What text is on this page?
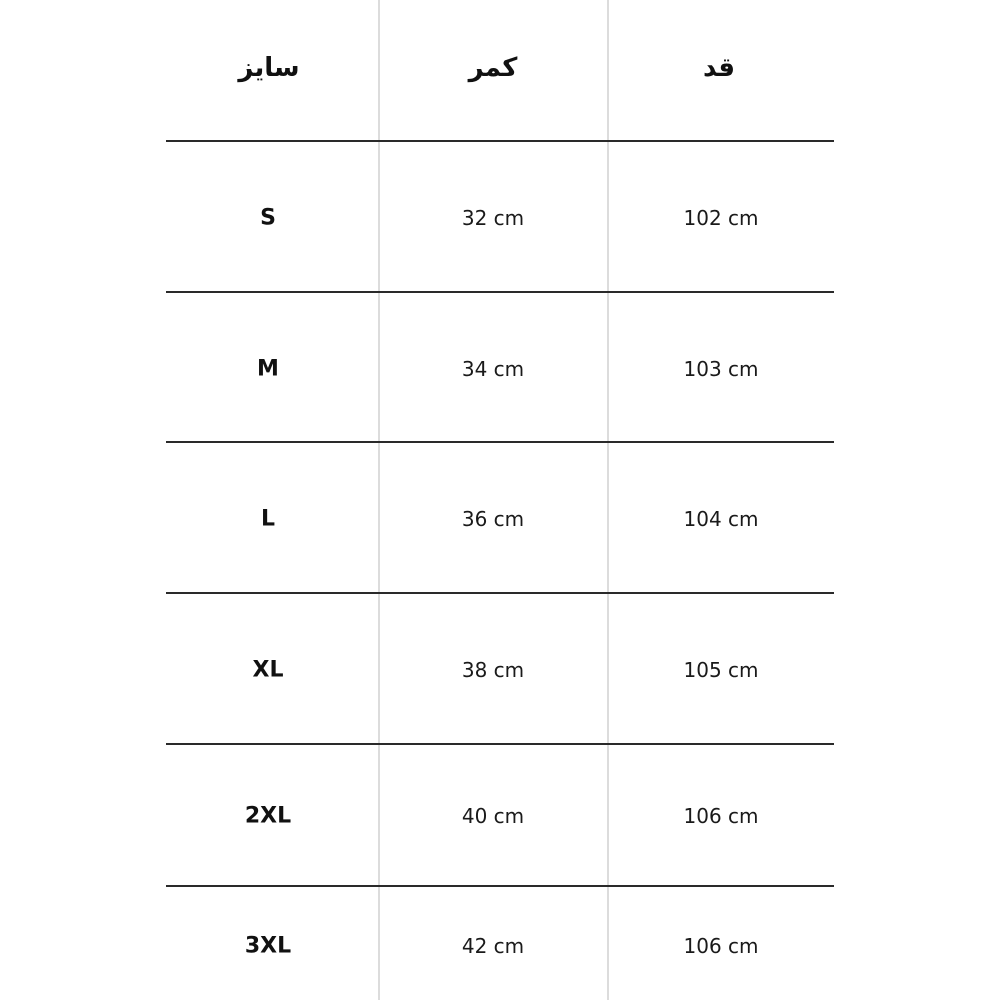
سایز	کمر	قد
S	32 cm	102 cm
M	34 cm	103 cm
L	36 cm	104 cm
XL	38 cm	105 cm
2XL	40 cm	106 cm
3XL	42 cm	106 cm
